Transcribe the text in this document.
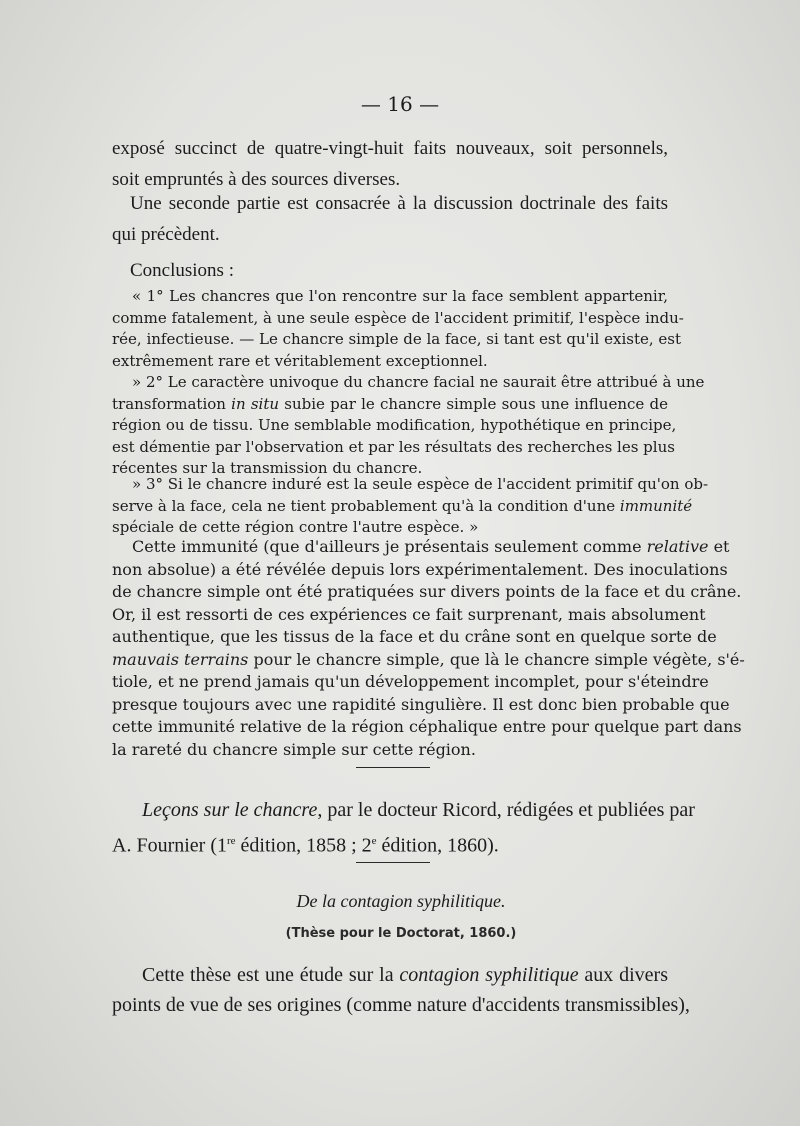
— 16 —
exposé succinct de quatre-vingt-huit faits nouveaux, soit personnels,
soit empruntés à des sources diverses.
Une seconde partie est consacrée à la discussion doctrinale des faits
qui précèdent.
Conclusions :
« 1° Les chancres que l'on rencontre sur la face semblent appartenir,
comme fatalement, à une seule espèce de l'accident primitif, l'espèce indu-
rée, infectieuse. — Le chancre simple de la face, si tant est qu'il existe, est
extrêmement rare et véritablement exceptionnel.
» 2° Le caractère univoque du chancre facial ne saurait être attribué à une
transformation in situ subie par le chancre simple sous une influence de
région ou de tissu. Une semblable modification, hypothétique en principe,
est démentie par l'observation et par les résultats des recherches les plus
récentes sur la transmission du chancre.
» 3° Si le chancre induré est la seule espèce de l'accident primitif qu'on ob-
serve à la face, cela ne tient probablement qu'à la condition d'une immunité
spéciale de cette région contre l'autre espèce. »
Cette immunité (que d'ailleurs je présentais seulement comme relative et
non absolue) a été révélée depuis lors expérimentalement. Des inoculations
de chancre simple ont été pratiquées sur divers points de la face et du crâne.
Or, il est ressorti de ces expériences ce fait surprenant, mais absolument
authentique, que les tissus de la face et du crâne sont en quelque sorte de
mauvais terrains pour le chancre simple, que là le chancre simple végète, s'é-
tiole, et ne prend jamais qu'un développement incomplet, pour s'éteindre
presque toujours avec une rapidité singulière. Il est donc bien probable que
cette immunité relative de la région céphalique entre pour quelque part dans
la rareté du chancre simple sur cette région.
Leçons sur le chancre, par le docteur Ricord, rédigées et publiées par
A. Fournier (1re édition, 1858 ; 2e édition, 1860).
De la contagion syphilitique.
(Thèse pour le Doctorat, 1860.)
Cette thèse est une étude sur la contagion syphilitique aux divers
points de vue de ses origines (comme nature d'accidents transmissibles),
